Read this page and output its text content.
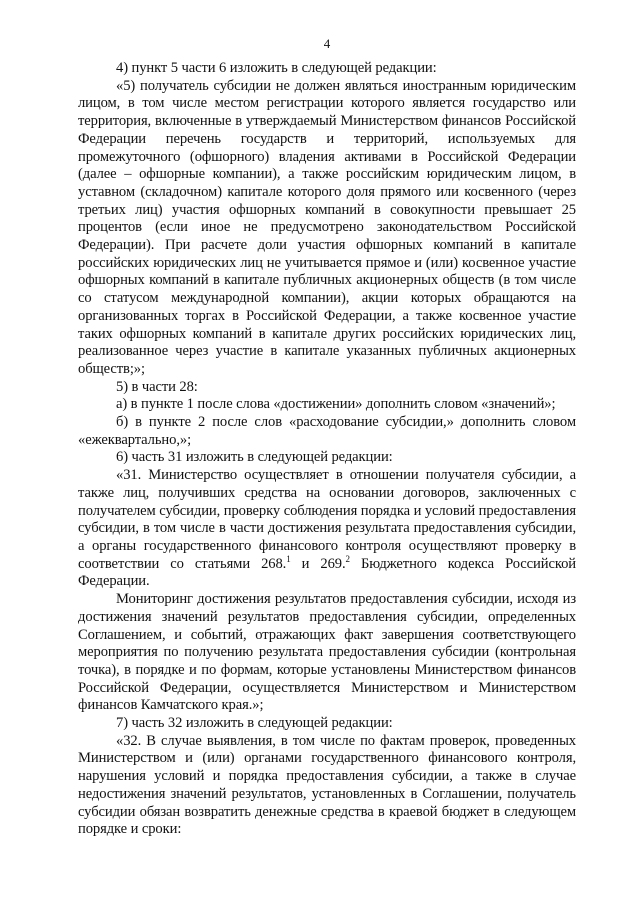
4

4) пункт 5 части 6 изложить в следующей редакции:

«5) получатель субсидии не должен являться иностранным юридическим лицом, в том числе местом регистрации которого является государство или территория, включенные в утверждаемый Министерством финансов Российской Федерации перечень государств и территорий, используемых для промежуточного (офшорного) владения активами в Российской Федерации (далее – офшорные компании), а также российским юридическим лицом, в уставном (складочном) капитале которого доля прямого или косвенного (через третьих лиц) участия офшорных компаний в совокупности превышает 25 процентов (если иное не предусмотрено законодательством Российской Федерации). При расчете доли участия офшорных компаний в капитале российских юридических лиц не учитывается прямое и (или) косвенное участие офшорных компаний в капитале публичных акционерных обществ (в том числе со статусом международной компании), акции которых обращаются на организованных торгах в Российской Федерации, а также косвенное участие таких офшорных компаний в капитале других российских юридических лиц, реализованное через участие в капитале указанных публичных акционерных обществ;»;

5) в части 28:

а) в пункте 1 после слова «достижении» дополнить словом «значений»;

б) в пункте 2 после слов «расходование субсидии,» дополнить словом «ежеквартально,»;

6) часть 31 изложить в следующей редакции:

«31. Министерство осуществляет в отношении получателя субсидии, а также лиц, получивших средства на основании договоров, заключенных с получателем субсидии, проверку соблюдения порядка и условий предоставления субсидии, в том числе в части достижения результата предоставления субсидии, а органы государственного финансового контроля осуществляют проверку в соответствии со статьями 268.$^1$ и 269.$^2$ Бюджетного кодекса Российской Федерации.

Мониторинг достижения результатов предоставления субсидии, исходя из достижения значений результатов предоставления субсидии, определенных Соглашением, и событий, отражающих факт завершения соответствующего мероприятия по получению результата предоставления субсидии (контрольная точка), в порядке и по формам, которые установлены Министерством финансов Российской Федерации, осуществляется Министерством и Министерством финансов Камчатского края.»;

7) часть 32 изложить в следующей редакции:

«32. В случае выявления, в том числе по фактам проверок, проведенных Министерством и (или) органами государственного финансового контроля, нарушения условий и порядка предоставления субсидии, а также в случае недостижения значений результатов, установленных в Соглашении, получатель субсидии обязан возвратить денежные средства в краевой бюджет в следующем порядке и сроки:
